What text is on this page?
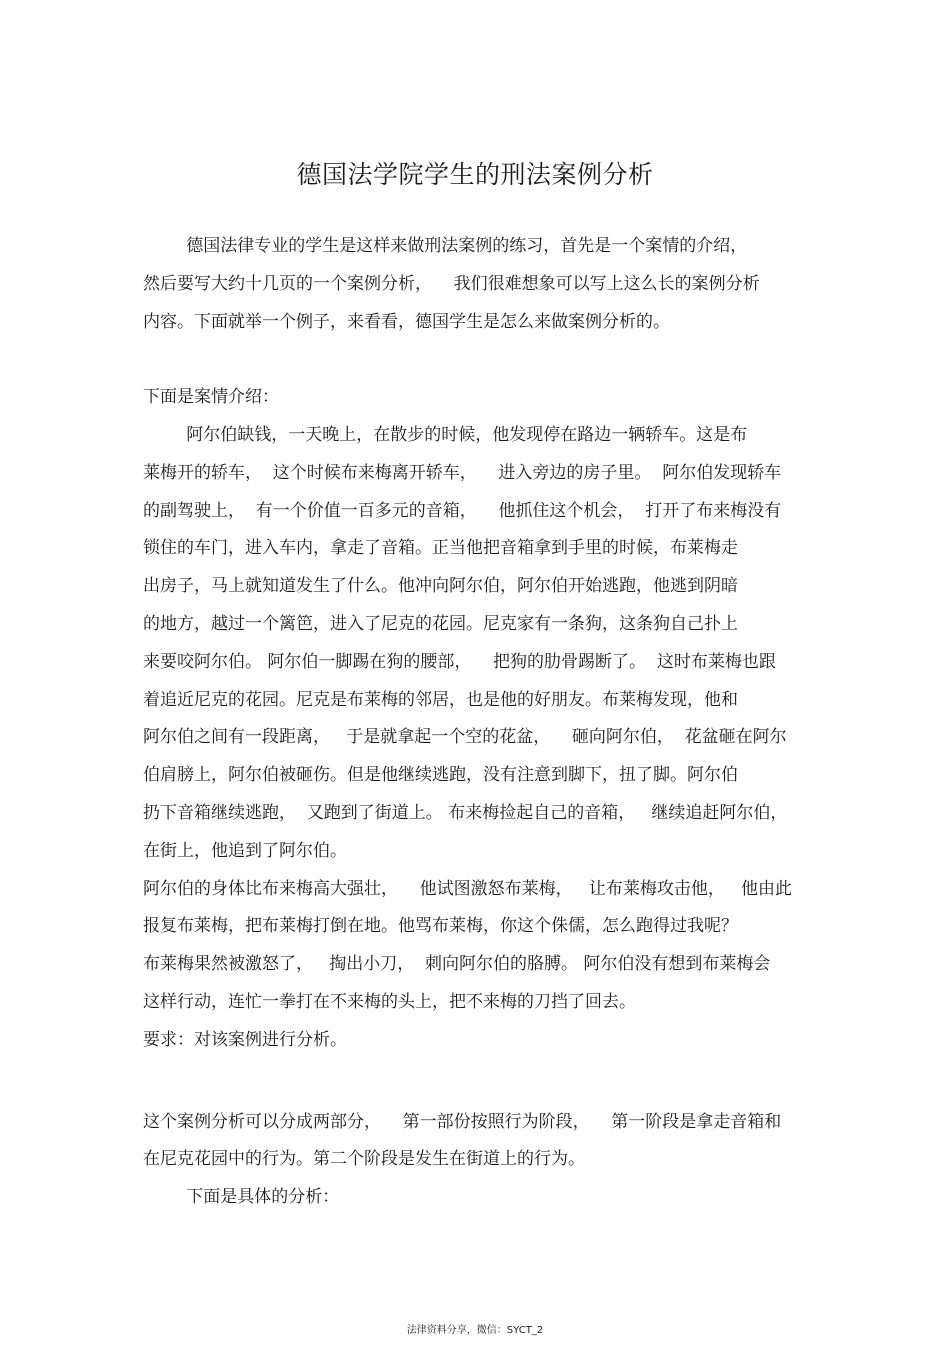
德国法学院学生的刑法案例分析
德国法律专业的学生是这样来做刑法案例的练习，首先是一个案情的介绍，
然后要写大约十几页的一个案例分析，    我们很难想象可以写上这么长的案例分析
内容。下面就举一个例子，来看看，德国学生是怎么来做案例分析的。
下面是案情介绍：
阿尔伯缺钱，一天晚上，在散步的时候，他发现停在路边一辆轿车。这是布
莱梅开的轿车，  这个时候布来梅离开轿车，    进入旁边的房子里。  阿尔伯发现轿车
的副驾驶上，  有一个价值一百多元的音箱，    他抓住这个机会，  打开了布来梅没有
锁住的车门，进入车内，拿走了音箱。正当他把音箱拿到手里的时候，布莱梅走
出房子，马上就知道发生了什么。他冲向阿尔伯，阿尔伯开始逃跑，他逃到阴暗
的地方，越过一个篱笆，进入了尼克的花园。尼克家有一条狗，这条狗自己扑上
来要咬阿尔伯。 阿尔伯一脚踢在狗的腰部，    把狗的肋骨踢断了。  这时布莱梅也跟
着追近尼克的花园。尼克是布莱梅的邻居，也是他的好朋友。布莱梅发现，他和
阿尔伯之间有一段距离，   于是就拿起一个空的花盆，    砸向阿尔伯，  花盆砸在阿尔
伯肩膀上，阿尔伯被砸伤。但是他继续逃跑，没有注意到脚下，扭了脚。阿尔伯
扔下音箱继续逃跑，  又跑到了街道上。 布来梅捡起自己的音箱，   继续追赶阿尔伯，
在街上，他追到了阿尔伯。
阿尔伯的身体比布来梅高大强壮，    他试图激怒布莱梅，   让布莱梅攻击他，   他由此
报复布莱梅，把布莱梅打倒在地。他骂布莱梅，你这个侏儒，怎么跑得过我呢？
布莱梅果然被激怒了，   掏出小刀，  刺向阿尔伯的胳膊。 阿尔伯没有想到布莱梅会
这样行动，连忙一拳打在不来梅的头上，把不来梅的刀挡了回去。
要求：对该案例进行分析。
这个案例分析可以分成两部分，    第一部份按照行为阶段，    第一阶段是拿走音箱和
在尼克花园中的行为。第二个阶段是发生在街道上的行为。
下面是具体的分析：
法律资料分享，微信：SYCT_2
